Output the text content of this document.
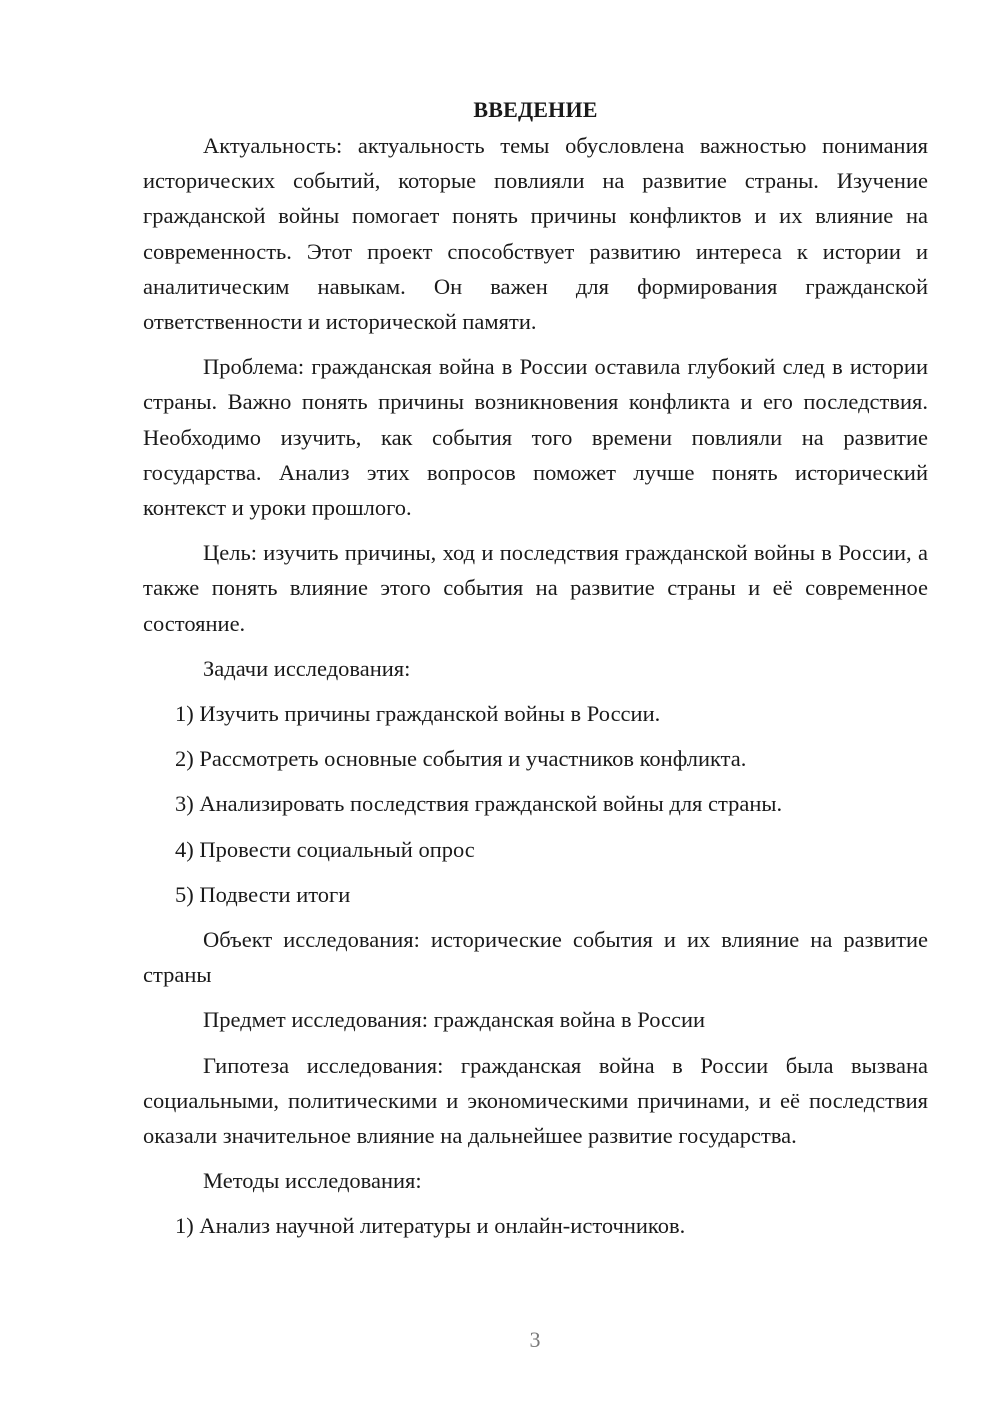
ВВЕДЕНИЕ

Актуальность: актуальность темы обусловлена важностью понимания исторических событий, которые повлияли на развитие страны. Изучение гражданской войны помогает понять причины конфликтов и их влияние на современность. Этот проект способствует развитию интереса к истории и аналитическим навыкам. Он важен для формирования гражданской ответственности и исторической памяти.

Проблема: гражданская война в России оставила глубокий след в истории страны. Важно понять причины возникновения конфликта и его последствия. Необходимо изучить, как события того времени повлияли на развитие государства. Анализ этих вопросов поможет лучше понять исторический контекст и уроки прошлого.

Цель: изучить причины, ход и последствия гражданской войны в России, а также понять влияние этого события на развитие страны и её современное состояние.

Задачи исследования:

1) Изучить причины гражданской войны в России.

2) Рассмотреть основные события и участников конфликта.

3) Анализировать последствия гражданской войны для страны.

4) Провести социальный опрос

5) Подвести итоги

Объект исследования: исторические события и их влияние на развитие страны

Предмет исследования: гражданская война в России

Гипотеза исследования: гражданская война в России была вызвана социальными, политическими и экономическими причинами, и её последствия оказали значительное влияние на дальнейшее развитие государства.

Методы исследования:

1) Анализ научной литературы и онлайн-источников.

3
